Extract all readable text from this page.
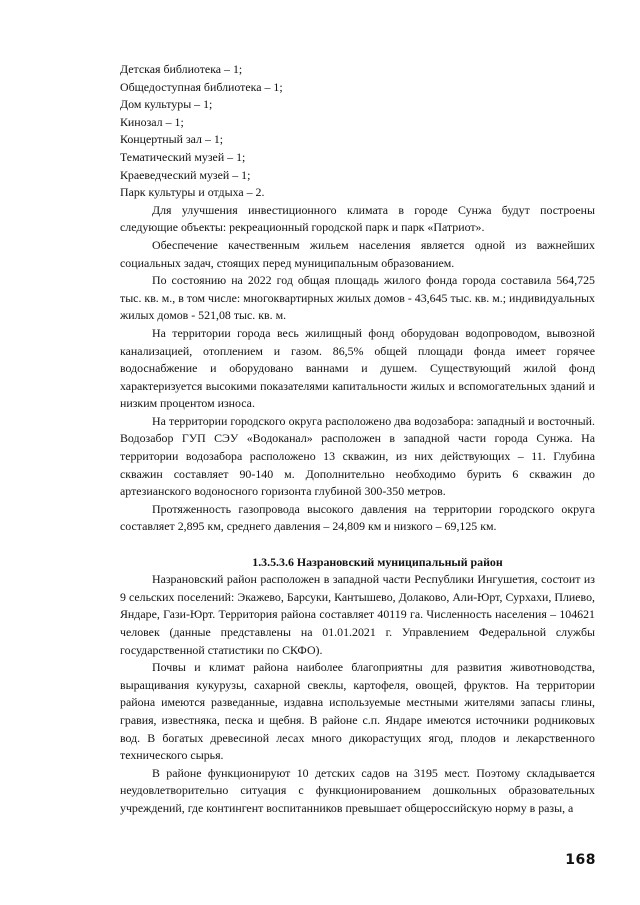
Детская библиотека – 1;

Общедоступная библиотека – 1;

Дом культуры – 1;

Кинозал – 1;

Концертный зал – 1;

Тематический музей – 1;

Краеведческий музей – 1;

Парк культуры и отдыха – 2.

Для улучшения инвестиционного климата в городе Сунжа будут построены следующие объекты: рекреационный городской парк и парк «Патриот».

Обеспечение качественным жильем населения является одной из важнейших социальных задач, стоящих перед муниципальным образованием.

По состоянию на 2022 год общая площадь жилого фонда города составила 564,725 тыс. кв. м., в том числе: многоквартирных жилых домов - 43,645 тыс. кв. м.; индивидуальных жилых домов - 521,08 тыс. кв. м.

На территории города весь жилищный фонд оборудован водопроводом, вывозной канализацией, отоплением и газом. 86,5% общей площади фонда имеет горячее водоснабжение и оборудовано ваннами и душем. Существующий жилой фонд характеризуется высокими показателями капитальности жилых и вспомогательных зданий и низким процентом износа.

На территории городского округа расположено два водозабора: западный и восточный. Водозабор ГУП СЭУ «Водоканал» расположен в западной части города Сунжа. На территории водозабора расположено 13 скважин, из них действующих – 11. Глубина скважин составляет 90-140 м. Дополнительно необходимо бурить 6 скважин до артезианского водоносного горизонта глубиной 300-350 метров.

Протяженность газопровода высокого давления на территории городского округа составляет 2,895 км, среднего давления – 24,809 км и низкого – 69,125 км.

1.3.5.3.6 Назрановский муниципальный район

Назрановский район расположен в западной части Республики Ингушетия, состоит из 9 сельских поселений: Экажево, Барсуки, Кантышево, Долаково, Али-Юрт, Сурхахи, Плиево, Яндаре, Гази-Юрт. Территория района составляет 40119 га. Численность населения – 104621 человек (данные представлены на 01.01.2021 г. Управлением Федеральной службы государственной статистики по СКФО).

Почвы и климат района наиболее благоприятны для развития животноводства, выращивания кукурузы, сахарной свеклы, картофеля, овощей, фруктов. На территории района имеются разведанные, издавна используемые местными жителями запасы глины, гравия, известняка, песка и щебня. В районе с.п. Яндаре имеются источники родниковых вод. В богатых древесиной лесах много дикорастущих ягод, плодов и лекарственного технического сырья.

В районе функционируют 10 детских садов на 3195 мест. Поэтому складывается неудовлетворительно ситуация с функционированием дошкольных образовательных учреждений, где контингент воспитанников превышает общероссийскую норму в разы, а

168
